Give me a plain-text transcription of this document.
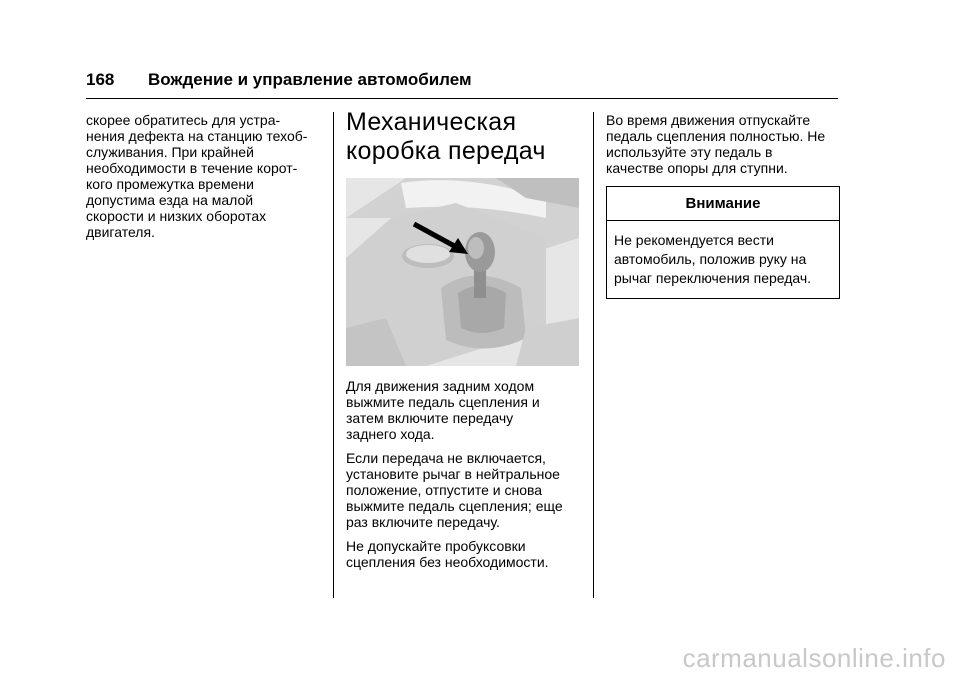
168 Вождение и управление автомобилем

скорее обратитесь для устра-
нения дефекта на станцию техоб-
служивания. При крайней
необходимости в течение корот-
кого промежутка времени
допустима езда на малой
скорости и низких оборотах
двигателя.

Механическая
коробка передач

Для движения задним ходом
выжмите педаль сцепления и
затем включите передачу
заднего хода.

Если передача не включается,
установите рычаг в нейтральное
положение, отпустите и снова
выжмите педаль сцепления; еще
раз включите передачу.

Не допускайте пробуксовки
сцепления без необходимости.

Во время движения отпускайте
педаль сцепления полностью. Не
используйте эту педаль в
качестве опоры для ступни.

Внимание
Не рекомендуется вести
автомобиль, положив руку на
рычаг переключения передач.
carmanualsonline.info
